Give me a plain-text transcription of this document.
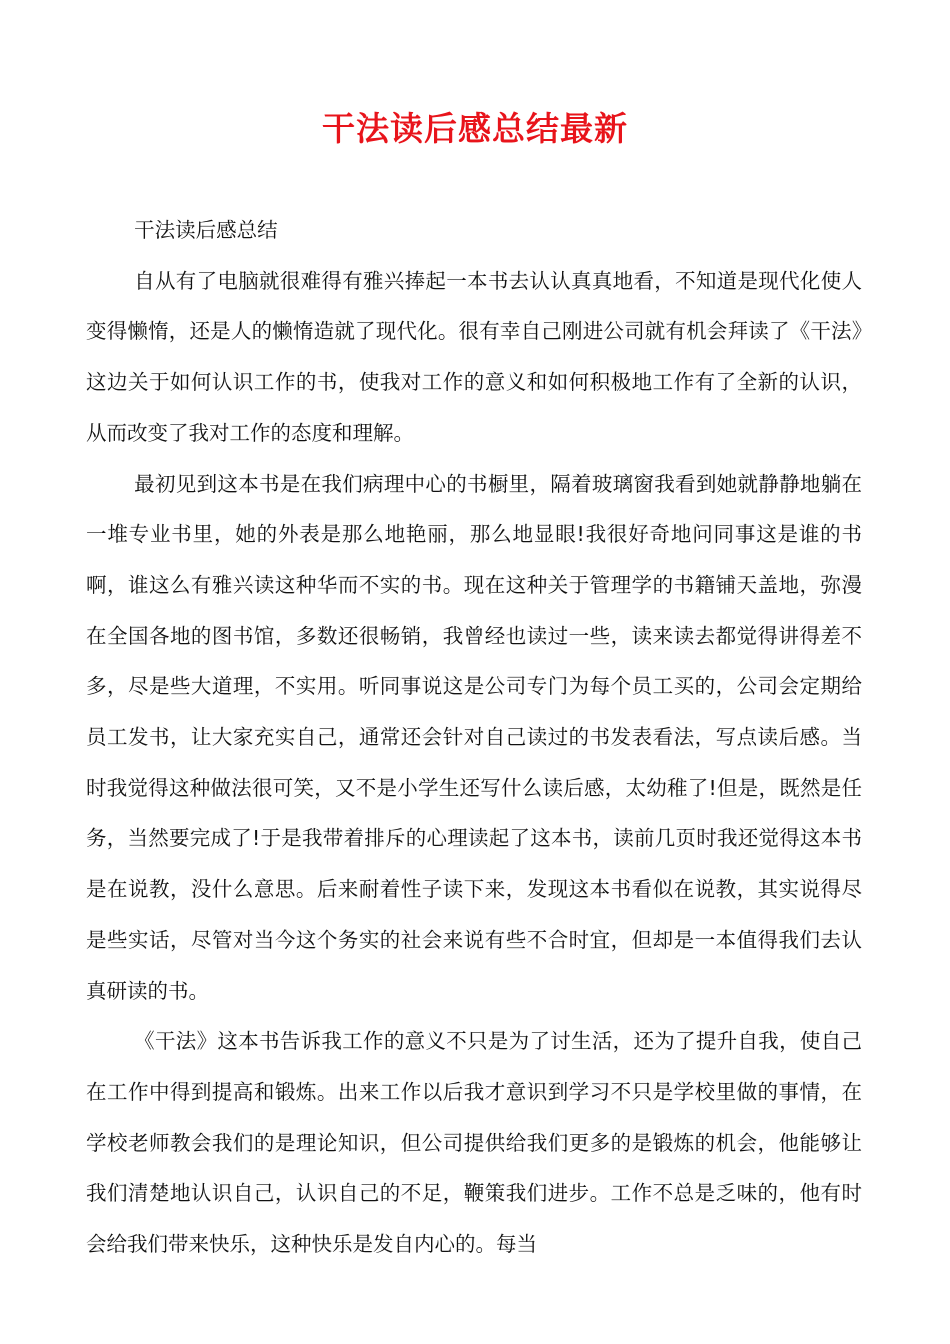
干法读后感总结最新

干法读后感总结

自从有了电脑就很难得有雅兴捧起一本书去认认真真地看，不知道是现代化使人变得懒惰，还是人的懒惰造就了现代化。很有幸自己刚进公司就有机会拜读了《干法》这边关于如何认识工作的书，使我对工作的意义和如何积极地工作有了全新的认识，从而改变了我对工作的态度和理解。

最初见到这本书是在我们病理中心的书橱里，隔着玻璃窗我看到她就静静地躺在一堆专业书里，她的外表是那么地艳丽，那么地显眼!我很好奇地问同事这是谁的书啊，谁这么有雅兴读这种华而不实的书。现在这种关于管理学的书籍铺天盖地，弥漫在全国各地的图书馆，多数还很畅销，我曾经也读过一些，读来读去都觉得讲得差不多，尽是些大道理，不实用。听同事说这是公司专门为每个员工买的，公司会定期给员工发书，让大家充实自己，通常还会针对自己读过的书发表看法，写点读后感。当时我觉得这种做法很可笑，又不是小学生还写什么读后感，太幼稚了!但是，既然是任务，当然要完成了!于是我带着排斥的心理读起了这本书，读前几页时我还觉得这本书是在说教，没什么意思。后来耐着性子读下来，发现这本书看似在说教，其实说得尽是些实话，尽管对当今这个务实的社会来说有些不合时宜，但却是一本值得我们去认真研读的书。

《干法》这本书告诉我工作的意义不只是为了讨生活，还为了提升自我，使自己在工作中得到提高和锻炼。出来工作以后我才意识到学习不只是学校里做的事情，在学校老师教会我们的是理论知识，但公司提供给我们更多的是锻炼的机会，他能够让我们清楚地认识自己，认识自己的不足，鞭策我们进步。工作不总是乏味的，他有时会给我们带来快乐，这种快乐是发自内心的。每当
